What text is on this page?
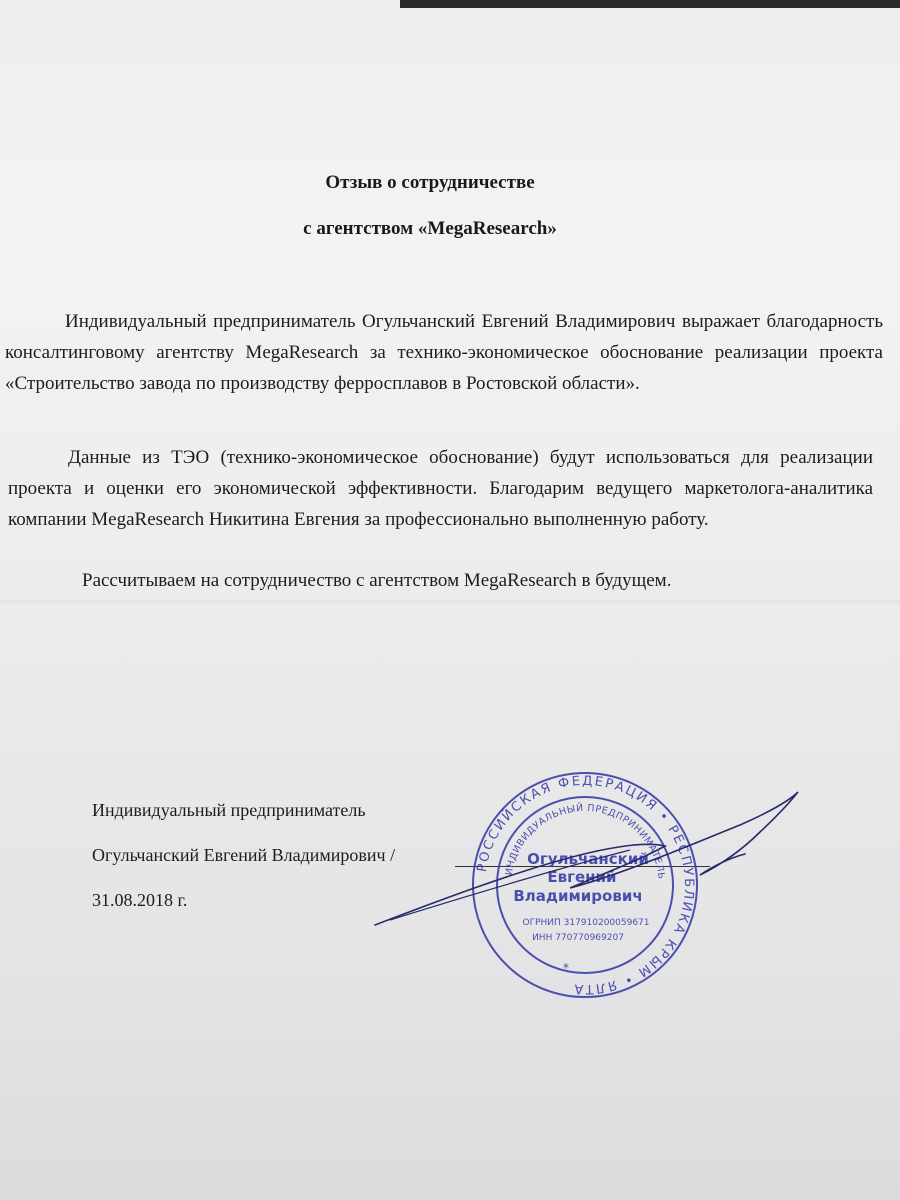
Отзыв о сотрудничестве
с агентством «MegaResearch»
Индивидуальный предприниматель Огульчанский Евгений Владимирович выражает благодарность консалтинговому агентству MegaResearch за технико-экономическое обоснование реализации проекта «Строительство завода по производству ферросплавов в Ростовской области».
Данные из ТЭО (технико-экономическое обоснование) будут использоваться для реализации проекта и оценки его экономической эффективности. Благодарим ведущего маркетолога-аналитика компании MegaResearch Никитина Евгения за профессионально выполненную работу.
Рассчитываем на сотрудничество с агентством MegaResearch в будущем.
Индивидуальный предприниматель
Огульчанский Евгений Владимирович /
31.08.2018 г.
РОССИЙСКАЯ ФЕДЕРАЦИЯ • РЕСПУБЛИКА КРЫМ • ЯЛТА
ИНДИВИДУАЛЬНЫЙ ПРЕДПРИНИМАТЕЛЬ
Огульчанский
Евгений
Владимирович
ОГРНИП 317910200059671
ИНН 770770969207
*
